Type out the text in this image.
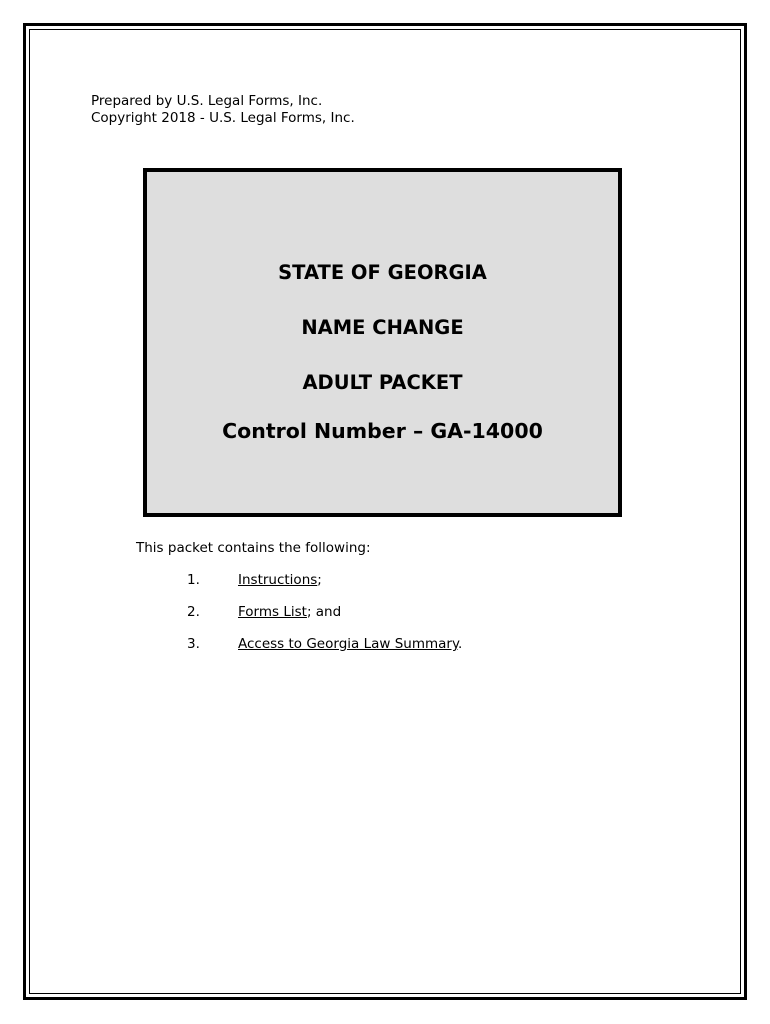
Prepared by U.S. Legal Forms, Inc.
Copyright 2018 - U.S. Legal Forms, Inc.
STATE OF GEORGIA
NAME CHANGE
ADULT PACKET
Control Number – GA-14000
This packet contains the following:
1.	Instructions;
2.	Forms List; and
3.	Access to Georgia Law Summary.
